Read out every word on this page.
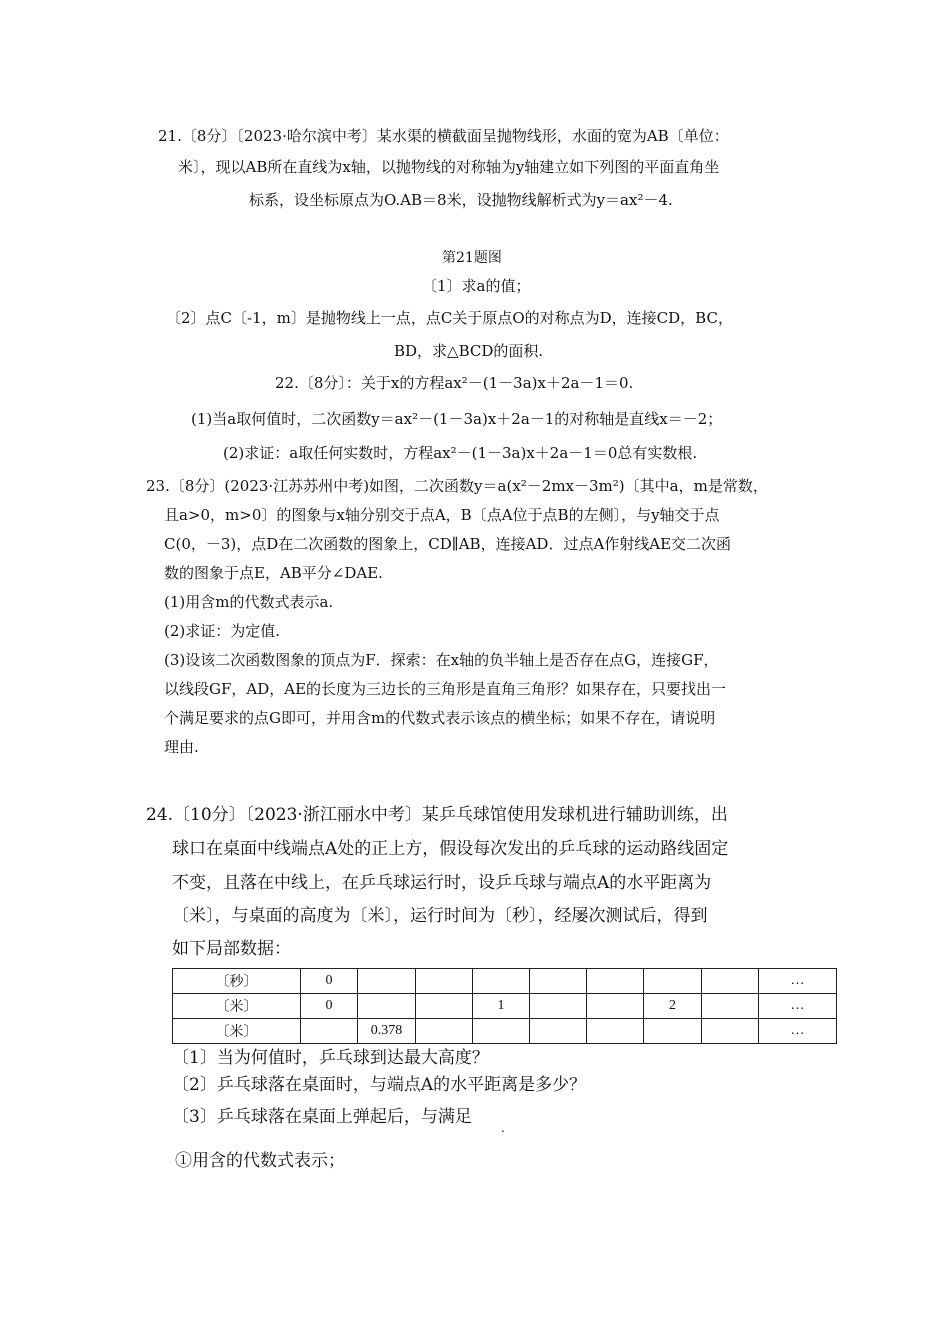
21.〔8分〕〔2023·哈尔滨中考〕某水渠的横截面呈抛物线形，水面的宽为AB〔单位：
米〕，现以AB所在直线为x轴，以抛物线的对称轴为y轴建立如下列图的平面直角坐
标系，设坐标原点为O.AB＝8米，设抛物线解析式为y＝ax²－4.
第21题图
〔1〕求a的值；
〔2〕点C〔-1，m〕是抛物线上一点，点C关于原点O的对称点为D，连接CD，BC，
BD，求△BCD的面积.
22.〔8分〕：关于x的方程ax²－(1－3a)x＋2a－1＝0.
(1)当a取何值时，二次函数y＝ax²－(1－3a)x＋2a－1的对称轴是直线x＝－2；
(2)求证：a取任何实数时，方程ax²－(1－3a)x＋2a－1＝0总有实数根.
23.〔8分〕(2023·江苏苏州中考)如图，二次函数y＝a(x²－2mx－3m²)〔其中a，m是常数，
且a>0，m>0〕的图象与x轴分别交于点A，B〔点A位于点B的左侧〕，与y轴交于点
C(0，－3)，点D在二次函数的图象上，CD∥AB，连接AD．过点A作射线AE交二次函
数的图象于点E，AB平分∠DAE.
(1)用含m的代数式表示a.
(2)求证：为定值.
(3)设该二次函数图象的顶点为F．探索：在x轴的负半轴上是否存在点G，连接GF，
以线段GF，AD，AE的长度为三边长的三角形是直角三角形？如果存在，只要找出一
个满足要求的点G即可，并用含m的代数式表示该点的横坐标；如果不存在，请说明
理由.
24.〔10分〕〔2023·浙江丽水中考〕某乒乓球馆使用发球机进行辅助训练，出
球口在桌面中线端点A处的正上方，假设每次发出的乒乓球的运动路线固定
不变，且落在中线上，在乒乓球运行时，设乒乓球与端点A的水平距离为
〔米〕，与桌面的高度为〔米〕，运行时间为〔秒〕，经屡次测试后，得到
如下局部数据：
〔秒〕	0								…
〔米〕	0			1			2		…
〔米〕		0.378							…
〔1〕当为何值时，乒乓球到达最大高度？
〔2〕乒乓球落在桌面时，与端点A的水平距离是多少？
〔3〕乒乓球落在桌面上弹起后，与满足
.
①用含的代数式表示；
